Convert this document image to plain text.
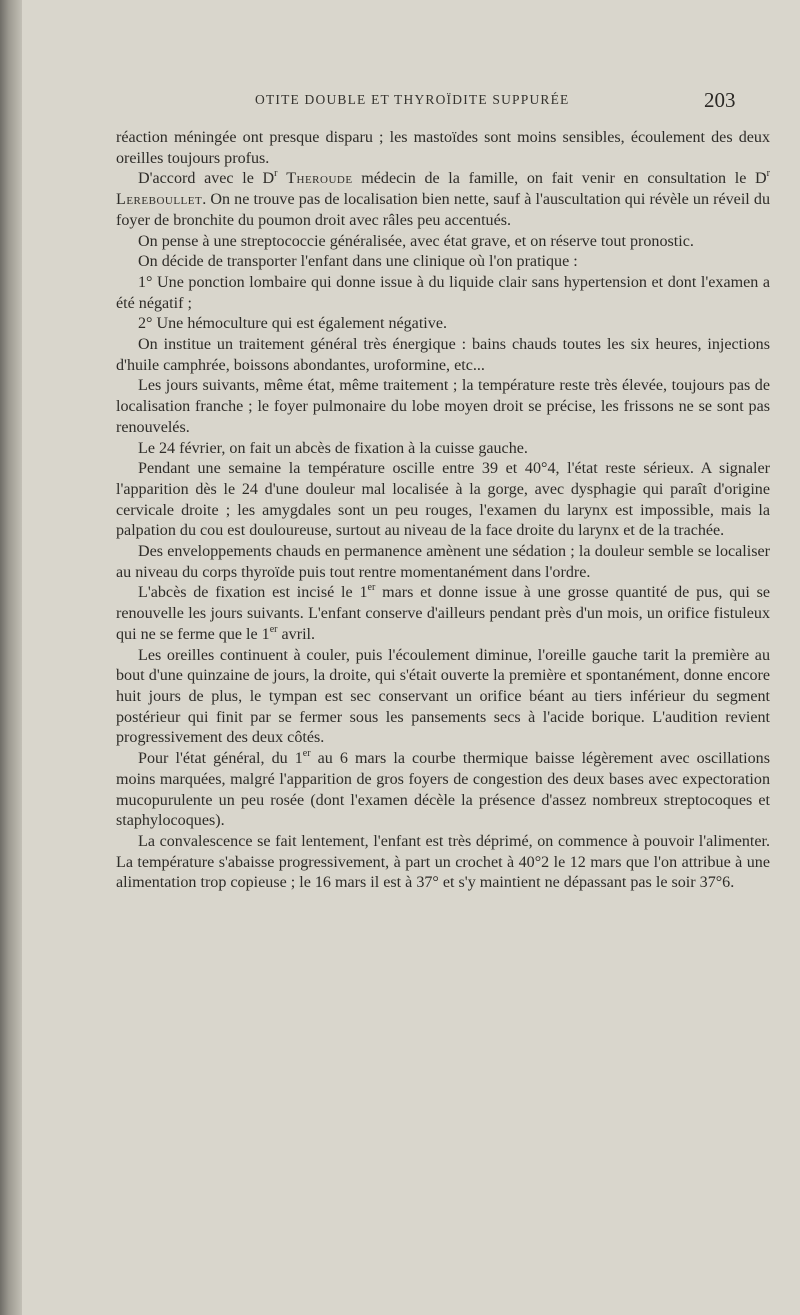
OTITE DOUBLE ET THYROÏDITE SUPPURÉE	203

réaction méningée ont presque disparu ; les mastoïdes sont moins sensibles, écoulement des deux oreilles toujours profus.

D'accord avec le $D^r$ Theroude médecin de la famille, on fait venir en consultation le $D^r$ Lereboullet. On ne trouve pas de localisation bien nette, sauf à l'auscultation qui révèle un réveil du foyer de bronchite du poumon droit avec râles peu accentués.

On pense à une streptococcie généralisée, avec état grave, et on réserve tout pronostic.

On décide de transporter l'enfant dans une clinique où l'on pratique :

1° Une ponction lombaire qui donne issue à du liquide clair sans hypertension et dont l'examen a été négatif ;

2° Une hémoculture qui est également négative.

On institue un traitement général très énergique : bains chauds toutes les six heures, injections d'huile camphrée, boissons abondantes, uroformine, etc...

Les jours suivants, même état, même traitement ; la température reste très élevée, toujours pas de localisation franche ; le foyer pulmonaire du lobe moyen droit se précise, les frissons ne se sont pas renouvelés.

Le 24 février, on fait un abcès de fixation à la cuisse gauche.

Pendant une semaine la température oscille entre 39 et 40°4, l'état reste sérieux. A signaler l'apparition dès le 24 d'une douleur mal localisée à la gorge, avec dysphagie qui paraît d'origine cervicale droite ; les amygdales sont un peu rouges, l'examen du larynx est impossible, mais la palpation du cou est douloureuse, surtout au niveau de la face droite du larynx et de la trachée.

Des enveloppements chauds en permanence amènent une sédation ; la douleur semble se localiser au niveau du corps thyroïde puis tout rentre momentanément dans l'ordre.

L'abcès de fixation est incisé le 1er mars et donne issue à une grosse quantité de pus, qui se renouvelle les jours suivants. L'enfant conserve d'ailleurs pendant près d'un mois, un orifice fistuleux qui ne se ferme que le 1er avril.

Les oreilles continuent à couler, puis l'écoulement diminue, l'oreille gauche tarit la première au bout d'une quinzaine de jours, la droite, qui s'était ouverte la première et spontanément, donne encore huit jours de plus, le tympan est sec conservant un orifice béant au tiers inférieur du segment postérieur qui finit par se fermer sous les pansements secs à l'acide borique. L'audition revient progressivement des deux côtés.

Pour l'état général, du 1er au 6 mars la courbe thermique baisse légèrement avec oscillations moins marquées, malgré l'apparition de gros foyers de congestion des deux bases avec expectoration mucopurulente un peu rosée (dont l'examen décèle la présence d'assez nombreux streptocoques et staphylocoques).

La convalescence se fait lentement, l'enfant est très déprimé, on commence à pouvoir l'alimenter. La température s'abaisse progressivement, à part un crochet à 40°2 le 12 mars que l'on attribue à une alimentation trop copieuse ; le 16 mars il est à 37° et s'y maintient ne dépassant pas le soir 37°6.
